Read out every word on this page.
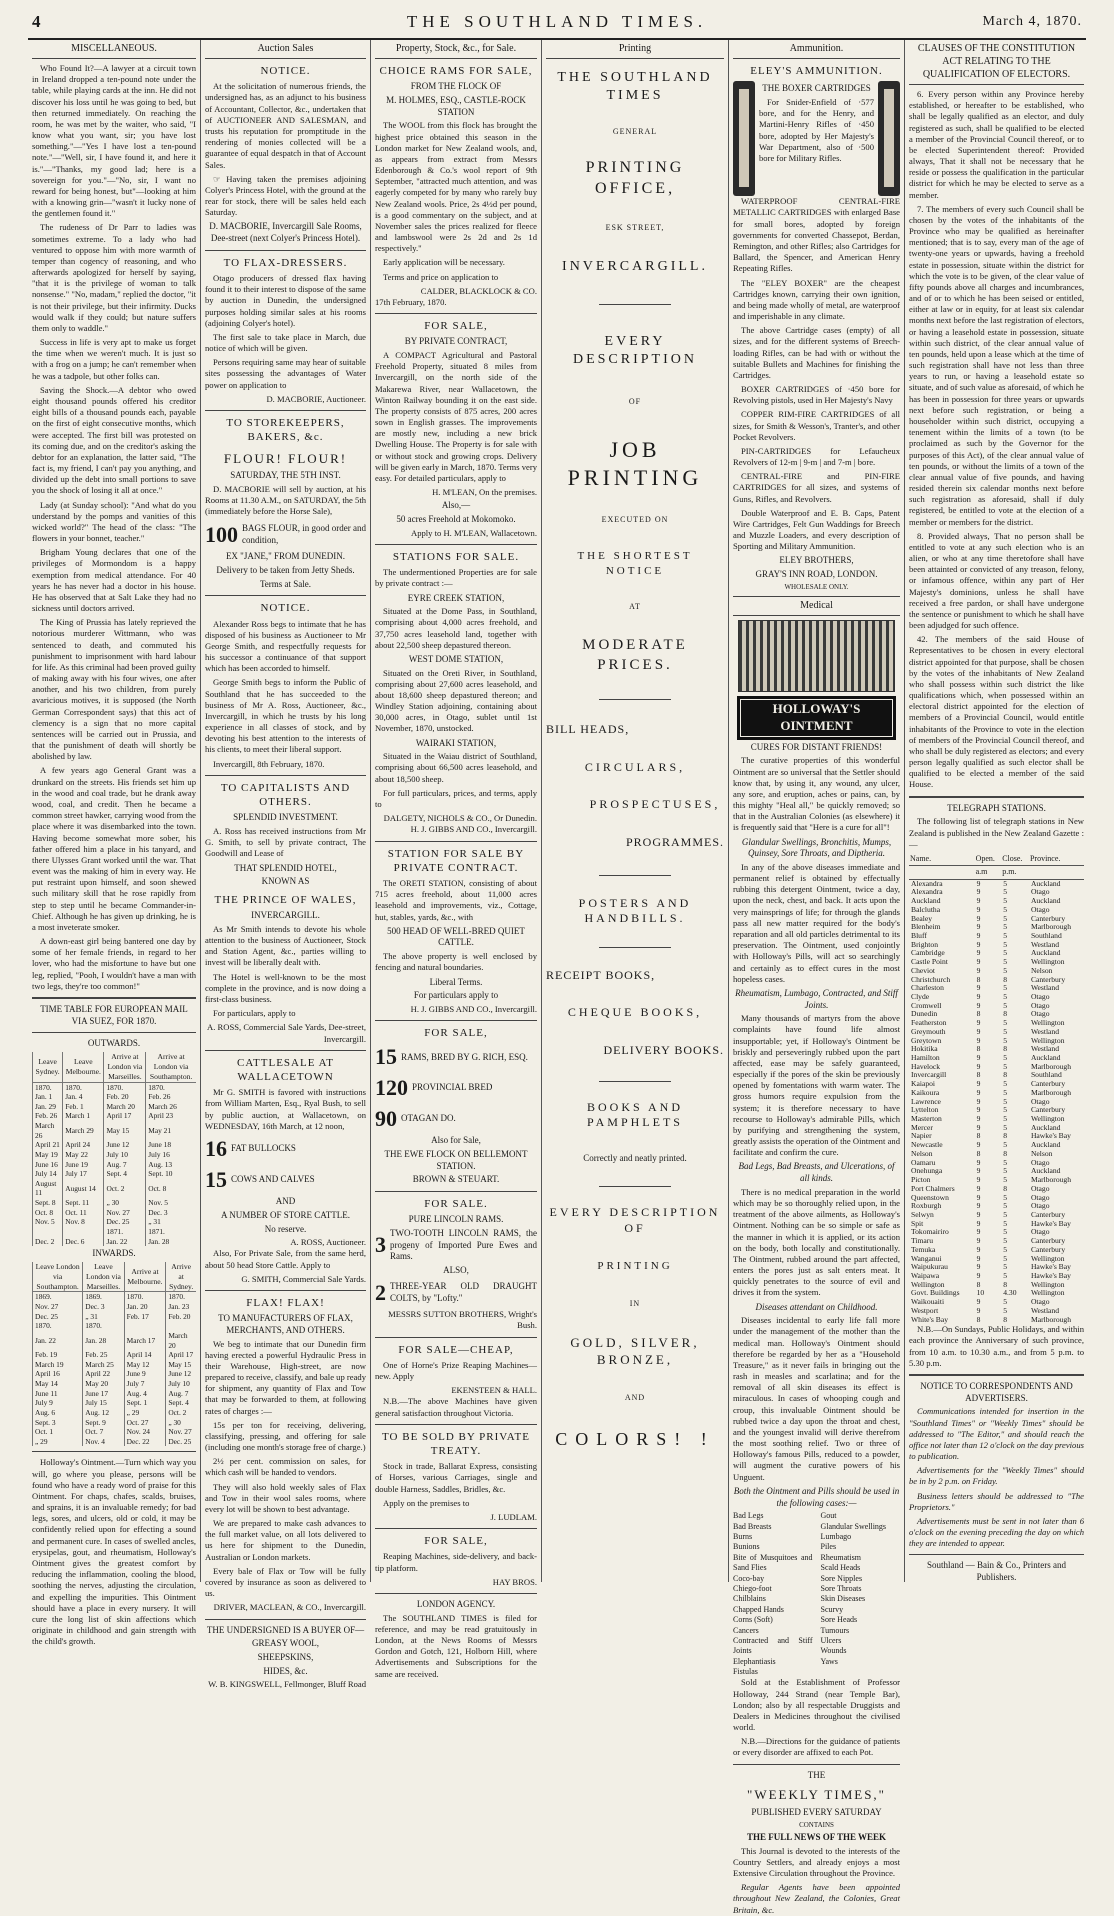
4	THE SOUTHLAND TIMES.	March 4, 1870.
MISCELLANEOUS.

Who Found It?—A lawyer at a circuit town in Ireland dropped a ten-pound note under the table, while playing cards at the inn. He did not discover his loss until he was going to bed, but then returned immediately. On reaching the room, he was met by the waiter, who said, "I know what you want, sir; you have lost something."—"Yes I have lost a ten-pound note."—"Well, sir, I have found it, and here it is."—"Thanks, my good lad; here is a sovereign for you."—"No, sir, I want no reward for being honest, but"—looking at him with a knowing grin—"wasn't it lucky none of the gentlemen found it."

The rudeness of Dr Parr to ladies was sometimes extreme. To a lady who had ventured to oppose him with more warmth of temper than cogency of reasoning, and who afterwards apologized for herself by saying, "that it is the privilege of woman to talk nonsense." "No, madam," replied the doctor, "it is not their privilege, but their infirmity. Ducks would walk if they could; but nature suffers them only to waddle."

Success in life is very apt to make us forget the time when we weren't much. It is just so with a frog on a jump; he can't remember when he was a tadpole, but other folks can.

Saving the Shock.—A debtor who owed eight thousand pounds offered his creditor eight bills of a thousand pounds each, payable on the first of eight consecutive months, which were accepted. The first bill was protested on its coming due, and on the creditor's asking the debtor for an explanation, the latter said, "The fact is, my friend, I can't pay you anything, and divided up the debt into small portions to save you the shock of losing it all at once."

Lady (at Sunday school): "And what do you understand by the pomps and vanities of this wicked world?" The head of the class: "The flowers in your bonnet, teacher."

Brigham Young declares that one of the privileges of Mormondom is a happy exemption from medical attendance. For 40 years he has never had a doctor in his house. He has observed that at Salt Lake they had no sickness until doctors arrived.

The King of Prussia has lately reprieved the notorious murderer Wittmann, who was sentenced to death, and commuted his punishment to imprisonment with hard labour for life. As this criminal had been proved guilty of making away with his four wives, one after another, and his two children, from purely avaricious motives, it is supposed (the North German Correspondent says) that this act of clemency is a sign that no more capital sentences will be carried out in Prussia, and that the punishment of death will shortly be abolished by law.

A few years ago General Grant was a drunkard on the streets. His friends set him up in the wood and coal trade, but he drank away wood, coal, and credit. Then he became a common street hawker, carrying wood from the place where it was disembarked into the town. Having become somewhat more sober, his father offered him a place in his tanyard, and there Ulysses Grant worked until the war. That event was the making of him in every way. He put restraint upon himself, and soon shewed such military skill that he rose rapidly from step to step until he became Commander-in-Chief. Although he has given up drinking, he is a most inveterate smoker.

A down-east girl being bantered one day by some of her female friends, in regard to her lover, who had the misfortune to have but one leg, replied, "Pooh, I wouldn't have a man with two legs, they're too common!"

TIME TABLE FOR EUROPEAN MAIL VIA SUEZ, FOR 1870.
OUTWARDS.
Leave Sydney.	Leave Melbourne.	Arrive at London via Marseilles.	Arrive at London via Southampton.
1870.	1870.	1870.	1870.
Jan. 1	Jan. 4	Feb. 20	Feb. 26
Jan. 29	Feb. 1	March 20	March 26
Feb. 26	March 1	April 17	April 23
March 26	March 29	May 15	May 21
April 21	April 24	June 12	June 18
May 19	May 22	July 10	July 16
June 16	June 19	Aug. 7	Aug. 13
July 14	July 17	Sept. 4	Sept. 10
August 11	August 14	Oct. 2	Oct. 8
Sept. 8	Sept. 11	„ 30	Nov. 5
Oct. 8	Oct. 11	Nov. 27	Dec. 3
Nov. 5	Nov. 8	Dec. 25	„ 31
		1871.	1871.
Dec. 2	Dec. 6	Jan. 22	Jan. 28
INWARDS.
Leave London via Southampton.	Leave London via Marseilles.	Arrive at Melbourne.	Arrive at Sydney.
1869.	1869.	1870.	1870.
Nov. 27	Dec. 3	Jan. 20	Jan. 23
Dec. 25	„ 31	Feb. 17	Feb. 20
1870.	1870.		
Jan. 22	Jan. 28	March 17	March 20
Feb. 19	Feb. 25	April 14	April 17
March 19	March 25	May 12	May 15
April 16	April 22	June 9	June 12
May 14	May 20	July 7	July 10
June 11	June 17	Aug. 4	Aug. 7
July 9	July 15	Sept. 1	Sept. 4
Aug. 6	Aug. 12	„ 29	Oct. 2
Sept. 3	Sept. 9	Oct. 27	„ 30
Oct. 1	Oct. 7	Nov. 24	Nov. 27
„ 29	Nov. 4	Dec. 22	Dec. 25

Holloway's Ointment.—Turn which way you will, go where you please, persons will be found who have a ready word of praise for this Ointment. For chaps, chafes, scalds, bruises, and sprains, it is an invaluable remedy; for bad legs, sores, and ulcers, old or cold, it may be confidently relied upon for effecting a sound and permanent cure. In cases of swelled ancles, erysipelas, gout, and rheumatism, Holloway's Ointment gives the greatest comfort by reducing the inflammation, cooling the blood, soothing the nerves, adjusting the circulation, and expelling the impurities. This Ointment should have a place in every nursery. It will cure the long list of skin affections which originate in childhood and gain strength with the child's growth.

Auction Sales
NOTICE.

At the solicitation of numerous friends, the undersigned has, as an adjunct to his business of Accountant, Collector, &c., undertaken that of AUCTIONEER AND SALESMAN, and trusts his reputation for promptitude in the rendering of monies collected will be a guarantee of equal despatch in that of Account Sales.

☞ Having taken the premises adjoining Colyer's Princess Hotel, with the ground at the rear for stock, there will be sales held each Saturday.

D. MACBORIE, Invercargill Sale Rooms, Dee-street (next Colyer's Princess Hotel).
TO FLAX-DRESSERS.

Otago producers of dressed flax having found it to their interest to dispose of the same by auction in Dunedin, the undersigned purposes holding similar sales at his rooms (adjoining Colyer's hotel).

The first sale to take place in March, due notice of which will be given.

Persons requiring same may hear of suitable sites possessing the advantages of Water power on application to

D. MACBORIE, Auctioneer.
TO STOREKEEPERS, BAKERS, &c.
FLOUR! FLOUR!
SATURDAY, THE 5TH INST.

D. MACBORIE will sell by auction, at his Rooms at 11.30 A.M., on SATURDAY, the 5th (immediately before the Horse Sale),

100 BAGS FLOUR, in good order and condition,
EX "JANE," FROM DUNEDIN.
Delivery to be taken from Jetty Sheds.
Terms at Sale.
NOTICE.

Alexander Ross begs to intimate that he has disposed of his business as Auctioneer to Mr George Smith, and respectfully requests for his successor a continuance of that support which has been accorded to himself.

George Smith begs to inform the Public of Southland that he has succeeded to the business of Mr A. Ross, Auctioneer, &c., Invercargill, in which he trusts by his long experience in all classes of stock, and by devoting his best attention to the interests of his clients, to meet their liberal support.

Invercargill, 8th February, 1870.

TO CAPITALISTS AND OTHERS.
SPLENDID INVESTMENT.

A. Ross has received instructions from Mr G. Smith, to sell by private contract, The Goodwill and Lease of

THAT SPLENDID HOTEL,
KNOWN AS
THE PRINCE OF WALES,
INVERCARGILL.

As Mr Smith intends to devote his whole attention to the business of Auctioneer, Stock and Station Agent, &c., parties willing to invest will be liberally dealt with.

The Hotel is well-known to be the most complete in the province, and is now doing a first-class business.

For particulars, apply to

A. ROSS, Commercial Sale Yards, Dee-street, Invercargill.
CATTLESALE AT WALLACETOWN

Mr G. SMITH is favored with instructions from William Marten, Esq., Ryal Bush, to sell by public auction, at Wallacetown, on WEDNESDAY, 16th March, at 12 noon,

16 FAT BULLOCKS
15 COWS AND CALVES
AND
A NUMBER OF STORE CATTLE.
No reserve.
A. ROSS, Auctioneer.

Also, For Private Sale, from the same herd, about 50 head Store Cattle. Apply to

G. SMITH, Commercial Sale Yards.
FLAX! FLAX!
TO MANUFACTURERS OF FLAX, MERCHANTS, AND OTHERS.

We beg to intimate that our Dunedin firm having erected a powerful Hydraulic Press in their Warehouse, High-street, are now prepared to receive, classify, and bale up ready for shipment, any quantity of Flax and Tow that may be forwarded to them, at following rates of charges :—

15s per ton for receiving, delivering, classifying, pressing, and offering for sale (including one month's storage free of charge.)

2½ per cent. commission on sales, for which cash will be handed to vendors.

They will also hold weekly sales of Flax and Tow in their wool sales rooms, where every lot will be shown to best advantage.

We are prepared to make cash advances to the full market value, on all lots delivered to us here for shipment to the Dunedin, Australian or London markets.

Every bale of Flax or Tow will be fully covered by insurance as soon as delivered to us.

DRIVER, MACLEAN, & CO., Invercargill.
THE UNDERSIGNED IS A BUYER OF—
GREASY WOOL,
SHEEPSKINS,
HIDES, &c.
W. B. KINGSWELL, Fellmonger, Bluff Road
Property, Stock, &c., for Sale.
CHOICE RAMS FOR SALE,
FROM THE FLOCK OF
M. HOLMES, ESQ., CASTLE-ROCK STATION

The WOOL from this flock has brought the highest price obtained this season in the London market for New Zealand wools, and, as appears from extract from Messrs Edenborough & Co.'s wool report of 9th September, "attracted much attention, and was eagerly competed for by many who rarely buy New Zealand wools. Price, 2s 4½d per pound, is a good commentary on the subject, and at November sales the prices realized for fleece and lambswool were 2s 2d and 2s 1d respectively."

Early application will be necessary.

Terms and price on application to

CALDER, BLACKLOCK & CO.
17th February, 1870.
FOR SALE,
BY PRIVATE CONTRACT,

A COMPACT Agricultural and Pastoral Freehold Property, situated 8 miles from Invercargill, on the north side of the Makarewa River, near Wallacetown, the Winton Railway bounding it on the east side. The property consists of 875 acres, 200 acres sown in English grasses. The improvements are mostly new, including a new brick Dwelling House. The Property is for sale with or without stock and growing crops. Delivery will be given early in March, 1870. Terms very easy. For detailed particulars, apply to

H. M'LEAN, On the premises.
Also,—
50 acres Freehold at Mokomoko.
Apply to H. M'LEAN, Wallacetown.
STATIONS FOR SALE.

The undermentioned Properties are for sale by private contract :—

EYRE CREEK STATION,

Situated at the Dome Pass, in Southland, comprising about 4,000 acres freehold, and 37,750 acres leasehold land, together with about 22,500 sheep depastured thereon.

WEST DOME STATION,

Situated on the Oreti River, in Southland, comprising about 27,600 acres leasehold, and about 18,600 sheep depastured thereon; and Windley Station adjoining, containing about 30,000 acres, in Otago, sublet until 1st November, 1870, unstocked.

WAIRAKI STATION,

Situated in the Waiau district of Southland, comprising about 66,500 acres leasehold, and about 18,500 sheep.

For full particulars, prices, and terms, apply to

DALGETY, NICHOLS & CO., Or Dunedin. H. J. GIBBS AND CO., Invercargill.
STATION FOR SALE BY PRIVATE CONTRACT.

The ORETI STATION, consisting of about 715 acres freehold, about 11,000 acres leasehold and improvements, viz., Cottage, hut, stables, yards, &c., with

500 HEAD OF WELL-BRED QUIET CATTLE.

The above property is well enclosed by fencing and natural boundaries.

Liberal Terms.
For particulars apply to
H. J. GIBBS AND CO., Invercargill.
FOR SALE,
15 RAMS, BRED BY G. RICH, ESQ.
120 PROVINCIAL BRED
90 OTAGAN DO.
Also for Sale,
THE EWE FLOCK ON BELLEMONT STATION.
BROWN & STEUART.
FOR SALE.
PURE LINCOLN RAMS.
3 TWO-TOOTH LINCOLN RAMS, the progeny of Imported Pure Ewes and Rams.
ALSO,
2 THREE-YEAR OLD DRAUGHT COLTS, by "Lofty."
MESSRS SUTTON BROTHERS, Wright's Bush.
FOR SALE—CHEAP,

One of Horne's Prize Reaping Machines—new. Apply

EKENSTEEN & HALL.

N.B.—The above Machines have given general satisfaction throughout Victoria.

TO BE SOLD BY PRIVATE TREATY.

Stock in trade, Ballarat Express, consisting of Horses, various Carriages, single and double Harness, Saddles, Bridles, &c.

Apply on the premises to

J. LUDLAM.
FOR SALE,

Reaping Machines, side-delivery, and back-tip platform.

HAY BROS.
LONDON AGENCY.

The SOUTHLAND TIMES is filed for reference, and may be read gratuitously in London, at the News Rooms of Messrs Gordon and Gotch, 121, Holborn Hill, where Advertisements and Subscriptions for the same are received.

Printing
THE SOUTHLAND TIMES
GENERAL
PRINTING OFFICE,
ESK STREET,
INVERCARGILL.
EVERY DESCRIPTION
OF
JOB PRINTING
EXECUTED ON
THE SHORTEST NOTICE
AT
MODERATE PRICES.
BILL HEADS,
CIRCULARS,
PROSPECTUSES,
PROGRAMMES.
POSTERS AND HANDBILLS.
RECEIPT BOOKS,
CHEQUE BOOKS,
DELIVERY BOOKS.
BOOKS AND PAMPHLETS
Correctly and neatly printed.
EVERY DESCRIPTION OF
PRINTING
IN
GOLD, SILVER, BRONZE,
AND
COLORS! !
Ammunition.
ELEY'S AMMUNITION.
THE BOXER CARTRIDGES

For Snider-Enfield of ·577 bore, and for the Henry, and Martini-Henry Rifles of ·450 bore, adopted by Her Majesty's War Department, also of ·500 bore for Military Rifles.

WATERPROOF CENTRAL-FIRE METALLIC CARTRIDGES with enlarged Base for small bores, adopted by foreign governments for converted Chassepot, Berdan, Remington, and other Rifles; also Cartridges for Ballard, the Spencer, and American Henry Repeating Rifles.

The "ELEY BOXER" are the cheapest Cartridges known, carrying their own ignition, and being made wholly of metal, are waterproof and imperishable in any climate.

The above Cartridge cases (empty) of all sizes, and for the different systems of Breech-loading Rifles, can be had with or without the suitable Bullets and Machines for finishing the Cartridges.

BOXER CARTRIDGES of ·450 bore for Revolving pistols, used in Her Majesty's Navy

COPPER RIM-FIRE CARTRIDGES of all sizes, for Smith & Wesson's, Tranter's, and other Pocket Revolvers.

PIN-CARTRIDGES for Lefaucheux Revolvers of 12-m | 9-m | and 7-m | bore.

CENTRAL-FIRE and PIN-FIRE CARTRIDGES for all sizes, and systems of Guns, Rifles, and Revolvers.

Double Waterproof and E. B. Caps, Patent Wire Cartridges, Felt Gun Waddings for Breech and Muzzle Loaders, and every description of Sporting and Military Ammunition.

ELEY BROTHERS,
GRAY'S INN ROAD, LONDON.
WHOLESALE ONLY.
Medical
HOLLOWAY'S OINTMENT
CURES FOR DISTANT FRIENDS!

The curative properties of this wonderful Ointment are so universal that the Settler should know that, by using it, any wound, any ulcer, any sore, and eruption, aches or pains, can, by this mighty "Heal all," be quickly removed; so that in the Australian Colonies (as elsewhere) it is frequently said that "Here is a cure for all"!

Glandular Swellings, Bronchitis, Mumps, Quinsey, Sore Throats, and Diptheria.

In any of the above diseases immediate and permanent relief is obtained by effectually rubbing this detergent Ointment, twice a day, upon the neck, chest, and back. It acts upon the very mainsprings of life; for through the glands pass all new matter required for the body's reparation and all old particles detrimental to its preservation. The Ointment, used conjointly with Holloway's Pills, will act so searchingly and certainly as to effect cures in the most hopeless cases.

Rheumatism, Lumbago, Contracted, and Stiff Joints.

Many thousands of martyrs from the above complaints have found life almost insupportable; yet, if Holloway's Ointment be briskly and perseveringly rubbed upon the part affected, ease may be safely guaranteed, especially if the pores of the skin be previously opened by fomentations with warm water. The gross humors require expulsion from the system; it is therefore necessary to have recourse to Holloway's admirable Pills, which by purifying and strengthening the system, greatly assists the operation of the Ointment and facilitate and confirm the cure.

Bad Legs, Bad Breasts, and Ulcerations, of all kinds.

There is no medical preparation in the world which may be so thoroughly relied upon, in the treatment of the above ailments, as Holloway's Ointment. Nothing can be so simple or safe as the manner in which it is applied, or its action on the body, both locally and constitutionally. The Ointment, rubbed around the part affected, enters the pores just as salt enters meat. It quickly penetrates to the source of evil and drives it from the system.

Diseases attendant on Childhood.

Diseases incidental to early life fall more under the management of the mother than the medical man. Holloway's Ointment should therefore be regarded by her as a "Household Treasure," as it never fails in bringing out the rash in measles and scarlatina; and for the removal of all skin diseases its effect is miraculous. In cases of whooping cough and croup, this invaluable Ointment should be rubbed twice a day upon the throat and chest, and the youngest invalid will derive therefrom the most soothing relief. Two or three of Holloway's famous Pills, reduced to a powder, will augment the curative powers of his Unguent.

Both the Ointment and Pills should be used in the following cases:—
Bad Legs
Bad Breasts
Burns
Bunions
Bite of Musquitoes and Sand Flies
Coco-bay
Chiego-foot
Chilblains
Chapped Hands
Corns (Soft)
Cancers
Contracted and Stiff Joints
Elephantiasis
Fistulas
Gout
Glandular Swellings
Lumbago
Piles
Rheumatism
Scald Heads
Sore Nipples
Sore Throats
Skin Diseases
Scurvy
Sore Heads
Tumours
Ulcers
Wounds
Yaws

Sold at the Establishment of Professor Holloway, 244 Strand (near Temple Bar), London; also by all respectable Druggists and Dealers in Medicines throughout the civilised world.

N.B.—Directions for the guidance of patients or every disorder are affixed to each Pot.

THE
"WEEKLY TIMES,"
PUBLISHED EVERY SATURDAY
CONTAINS
THE FULL NEWS OF THE WEEK

This Journal is devoted to the interests of the Country Settlers, and already enjoys a most Extensive Circulation throughout the Province.

Regular Agents have been appointed throughout New Zealand, the Colonies, Great Britain, &c.

CLAUSES OF THE CONSTITUTION ACT RELATING TO THE QUALIFICATION OF ELECTORS.

6. Every person within any Province hereby established, or hereafter to be established, who shall be legally qualified as an elector, and duly registered as such, shall be qualified to be elected a member of the Provincial Council thereof, or to be elected Superintendent thereof: Provided always, That it shall not be necessary that he reside or possess the qualification in the particular district for which he may be elected to serve as a member.

7. The members of every such Council shall be chosen by the votes of the inhabitants of the Province who may be qualified as hereinafter mentioned; that is to say, every man of the age of twenty-one years or upwards, having a freehold estate in possession, situate within the district for which the vote is to be given, of the clear value of fifty pounds above all charges and incumbrances, and of or to which he has been seised or entitled, either at law or in equity, for at least six calendar months next before the last registration of electors, or having a leasehold estate in possession, situate within such district, of the clear annual value of ten pounds, held upon a lease which at the time of such registration shall have not less than three years to run, or having a leasehold estate so situate, and of such value as aforesaid, of which he has been in possession for three years or upwards next before such registration, or being a householder within such district, occupying a tenement within the limits of a town (to be proclaimed as such by the Governor for the purposes of this Act), of the clear annual value of ten pounds, or without the limits of a town of the clear annual value of five pounds, and having resided therein six calendar months next before such registration as aforesaid, shall if duly registered, be entitled to vote at the election of a member or members for the district.

8. Provided always, That no person shall be entitled to vote at any such election who is an alien, or who at any time theretofore shall have been attainted or convicted of any treason, felony, or infamous offence, within any part of Her Majesty's dominions, unless he shall have received a free pardon, or shall have undergone the sentence or punishment to which he shall have been adjudged for such offence.

42. The members of the said House of Representatives to be chosen in every electoral district appointed for that purpose, shall be chosen by the votes of the inhabitants of New Zealand who shall possess within such district the like qualifications which, when possessed within an electoral district appointed for the election of members of a Provincial Council, would entitle inhabitants of the Province to vote in the election of members of the Provincial Council thereof, and who shall be duly registered as electors; and every person legally qualified as such elector shall be qualified to be elected a member of the said House.

TELEGRAPH STATIONS.

The following list of telegraph stations in New Zealand is published in the New Zealand Gazette :—

Name.	Open.	Close.	Province.
	a.m	p.m.	
Alexandra	9	5	Auckland
Alexandra	9	5	Otago
Auckland	9	5	Auckland
Balclutha	9	5	Otago
Bealey	9	5	Canterbury
Blenheim	9	5	Marlborough
Bluff	9	5	Southland
Brighton	9	5	Westland
Cambridge	9	5	Auckland
Castle Point	9	5	Wellington
Cheviot	9	5	Nelson
Christchurch	8	8	Canterbury
Charleston	9	5	Westland
Clyde	9	5	Otago
Cromwell	9	5	Otago
Dunedin	8	8	Otago
Featherston	9	5	Wellington
Greymouth	9	5	Westland
Greytown	9	5	Wellington
Hokitika	8	8	Westland
Hamilton	9	5	Auckland
Havelock	9	5	Marlborough
Invercargill	8	8	Southland
Kaiapoi	9	5	Canterbury
Kaikoura	9	5	Marlborough
Lawrence	9	5	Otago
Lyttelton	9	5	Canterbury
Masterton	9	5	Wellington
Mercer	9	5	Auckland
Napier	8	8	Hawke's Bay
Newcastle	9	5	Auckland
Nelson	8	8	Nelson
Oamaru	9	5	Otago
Onehunga	9	5	Auckland
Picton	9	5	Marlborough
Port Chalmers	9	8	Otago
Queenstown	9	5	Otago
Roxburgh	9	5	Otago
Selwyn	9	5	Canterbury
Spit	9	5	Hawke's Bay
Tokomairiro	9	5	Otago
Timaru	9	5	Canterbury
Temuka	9	5	Canterbury
Wanganui	9	5	Wellington
Waipukurau	9	5	Hawke's Bay
Waipawa	9	5	Hawke's Bay
Wellington	8	8	Wellington
Govt. Buildings	10	4.30	Wellington
Waikouaiti	9	5	Otago
Westport	9	5	Westland
White's Bay	8	8	Marlborough

N.B.—On Sundays, Public Holidays, and within each province the Anniversary of such province, from 10 a.m. to 10.30 a.m., and from 5 p.m. to 5.30 p.m.

NOTICE TO CORRESPONDENTS AND ADVERTISERS.

Communications intended for insertion in the "Southland Times" or "Weekly Times" should be addressed to "The Editor," and should reach the office not later than 12 o'clock on the day previous to publication.

Advertisements for the "Weekly Times" should be in by 2 p.m. on Friday.

Business letters should be addressed to "The Proprietors."

Advertisements must be sent in not later than 6 o'clock on the evening preceding the day on which they are intended to appear.

Southland — Bain & Co., Printers and Publishers.
